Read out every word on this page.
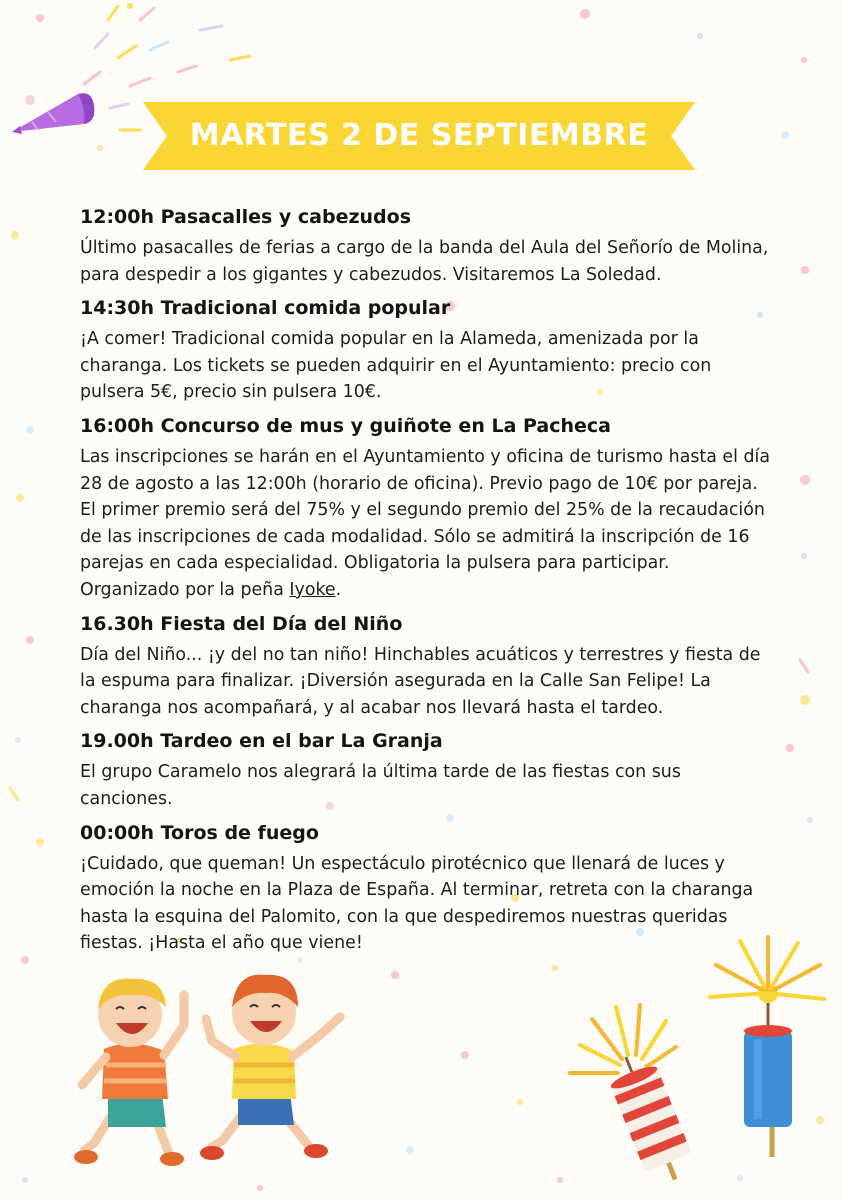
MARTES 2 DE SEPTIEMBRE
12:00h Pasacalles y cabezudos
Último pasacalles de ferias a cargo de la banda del Aula del Señorío de Molina, para despedir a los gigantes y cabezudos. Visitaremos La Soledad.
14:30h Tradicional comida popular
¡A comer! Tradicional comida popular en la Alameda, amenizada por la charanga. Los tickets se pueden adquirir en el Ayuntamiento: precio con pulsera 5€, precio sin pulsera 10€.
16:00h Concurso de mus y guiñote en La Pacheca
Las inscripciones se harán en el Ayuntamiento y oficina de turismo hasta el día 28 de agosto a las 12:00h (horario de oficina). Previo pago de 10€ por pareja. El primer premio será del 75% y el segundo premio del 25% de la recaudación de las inscripciones de cada modalidad. Sólo se admitirá la inscripción de 16 parejas en cada especialidad. Obligatoria la pulsera para participar. Organizado por la peña Iyoke.
16.30h Fiesta del Día del Niño
Día del Niño... ¡y del no tan niño! Hinchables acuáticos y terrestres y fiesta de la espuma para finalizar. ¡Diversión asegurada en la Calle San Felipe! La charanga nos acompañará, y al acabar nos llevará hasta el tardeo.
19.00h Tardeo en el bar La Granja
El grupo Caramelo nos alegrará la última tarde de las fiestas con sus canciones.
00:00h Toros de fuego
¡Cuidado, que queman! Un espectáculo pirotécnico que llenará de luces y emoción la noche en la Plaza de España. Al terminar, retreta con la charanga hasta la esquina del Palomito, con la que despediremos nuestras queridas fiestas. ¡Hasta el año que viene!
